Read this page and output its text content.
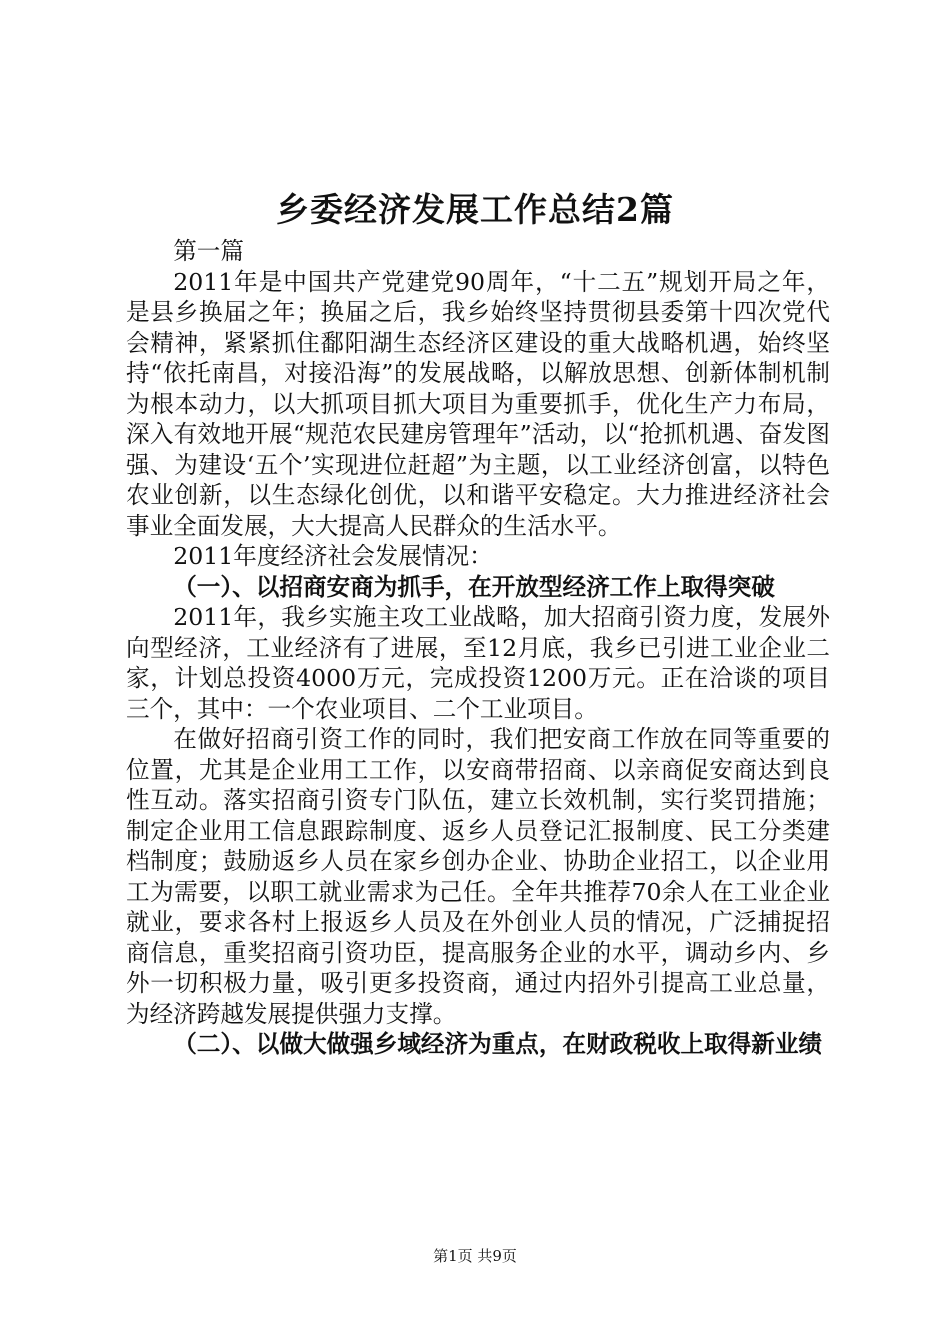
乡委经济发展工作总结2篇

第一篇

2011年是中国共产党建党90周年，“十二五”规划开局之年，是县乡换届之年；换届之后，我乡始终坚持贯彻县委第十四次党代会精神，紧紧抓住鄱阳湖生态经济区建设的重大战略机遇，始终坚持“依托南昌，对接沿海”的发展战略，以解放思想、创新体制机制为根本动力，以大抓项目抓大项目为重要抓手，优化生产力布局，深入有效地开展“规范农民建房管理年”活动，以“抢抓机遇、奋发图强、为建设‘五个’实现进位赶超”为主题，以工业经济创富，以特色农业创新，以生态绿化创优，以和谐平安稳定。大力推进经济社会事业全面发展，大大提高人民群众的生活水平。

2011年度经济社会发展情况：

（一）、以招商安商为抓手，在开放型经济工作上取得突破

2011年，我乡实施主攻工业战略，加大招商引资力度，发展外向型经济，工业经济有了进展，至12月底，我乡已引进工业企业二家，计划总投资4000万元，完成投资1200万元。正在洽谈的项目三个，其中：一个农业项目、二个工业项目。

在做好招商引资工作的同时，我们把安商工作放在同等重要的位置，尤其是企业用工工作，以安商带招商、以亲商促安商达到良性互动。落实招商引资专门队伍，建立长效机制，实行奖罚措施；制定企业用工信息跟踪制度、返乡人员登记汇报制度、民工分类建档制度；鼓励返乡人员在家乡创办企业、协助企业招工，以企业用工为需要，以职工就业需求为己任。全年共推荐70余人在工业企业就业，要求各村上报返乡人员及在外创业人员的情况，广泛捕捉招商信息，重奖招商引资功臣，提高服务企业的水平，调动乡内、乡外一切积极力量，吸引更多投资商，通过内招外引提高工业总量，为经济跨越发展提供强力支撑。

（二）、以做大做强乡域经济为重点，在财政税收上取得新业绩
第1页 共9页
